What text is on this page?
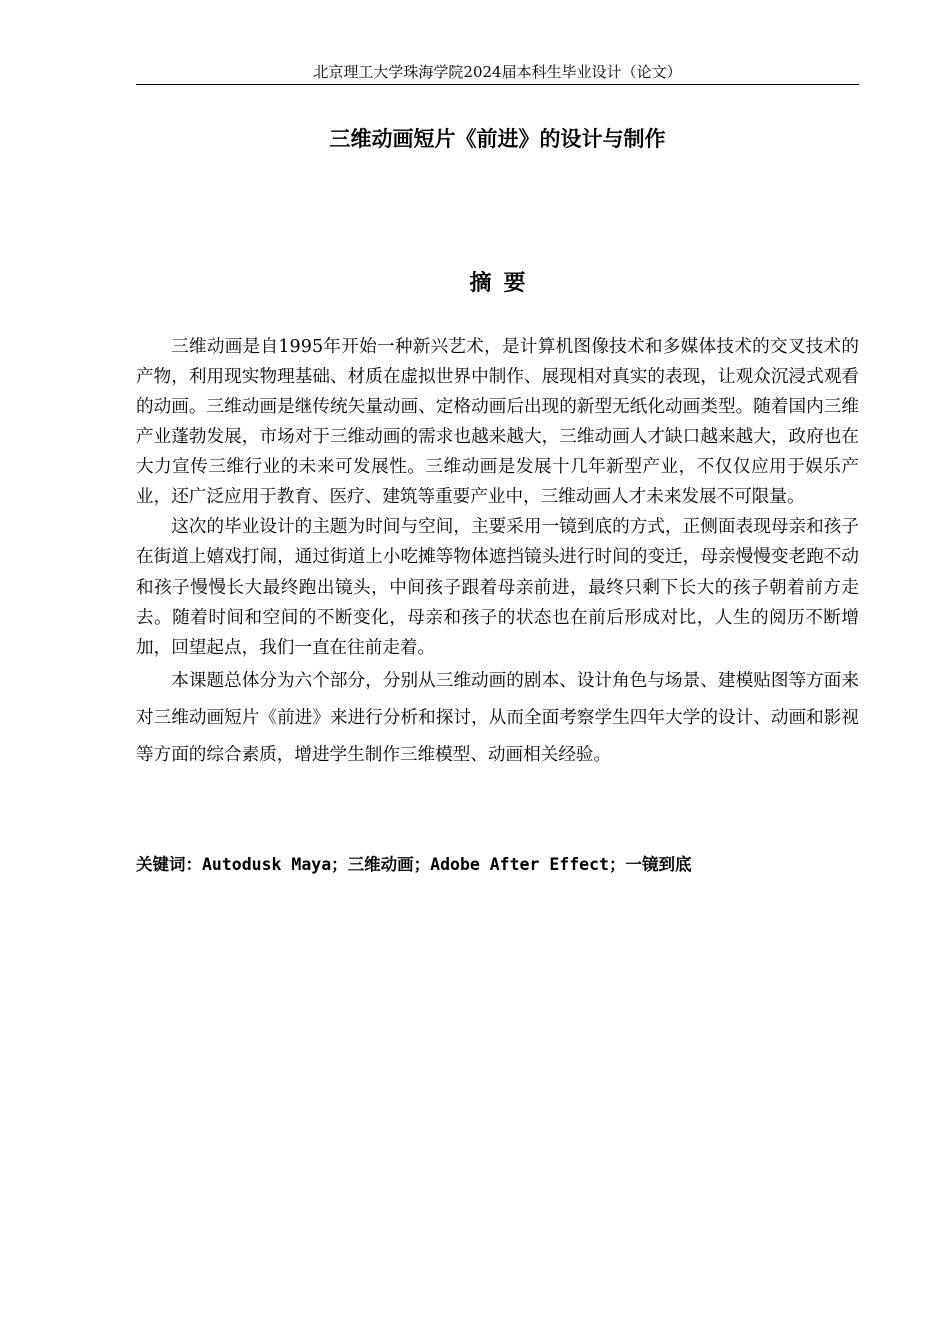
北京理工大学珠海学院2024届本科生毕业设计（论文）
三维动画短片《前进》的设计与制作
摘要

三维动画是自1995年开始一种新兴艺术，是计算机图像技术和多媒体技术的交叉技术的产物，利用现实物理基础、材质在虚拟世界中制作、展现相对真实的表现，让观众沉浸式观看的动画。三维动画是继传统矢量动画、定格动画后出现的新型无纸化动画类型。随着国内三维产业蓬勃发展，市场对于三维动画的需求也越来越大，三维动画人才缺口越来越大，政府也在大力宣传三维行业的未来可发展性。三维动画是发展十几年新型产业，不仅仅应用于娱乐产业，还广泛应用于教育、医疗、建筑等重要产业中，三维动画人才未来发展不可限量。

这次的毕业设计的主题为时间与空间，主要采用一镜到底的方式，正侧面表现母亲和孩子在街道上嬉戏打闹，通过街道上小吃摊等物体遮挡镜头进行时间的变迁，母亲慢慢变老跑不动和孩子慢慢长大最终跑出镜头，中间孩子跟着母亲前进，最终只剩下长大的孩子朝着前方走去。随着时间和空间的不断变化，母亲和孩子的状态也在前后形成对比，人生的阅历不断增加，回望起点，我们一直在往前走着。

本课题总体分为六个部分，分别从三维动画的剧本、设计角色与场景、建模贴图等方面来对三维动画短片《前进》来进行分析和探讨，从而全面考察学生四年大学的设计、动画和影视等方面的综合素质，增进学生制作三维模型、动画相关经验。

关键词：Autodusk Maya；三维动画；Adobe After Effect；一镜到底
